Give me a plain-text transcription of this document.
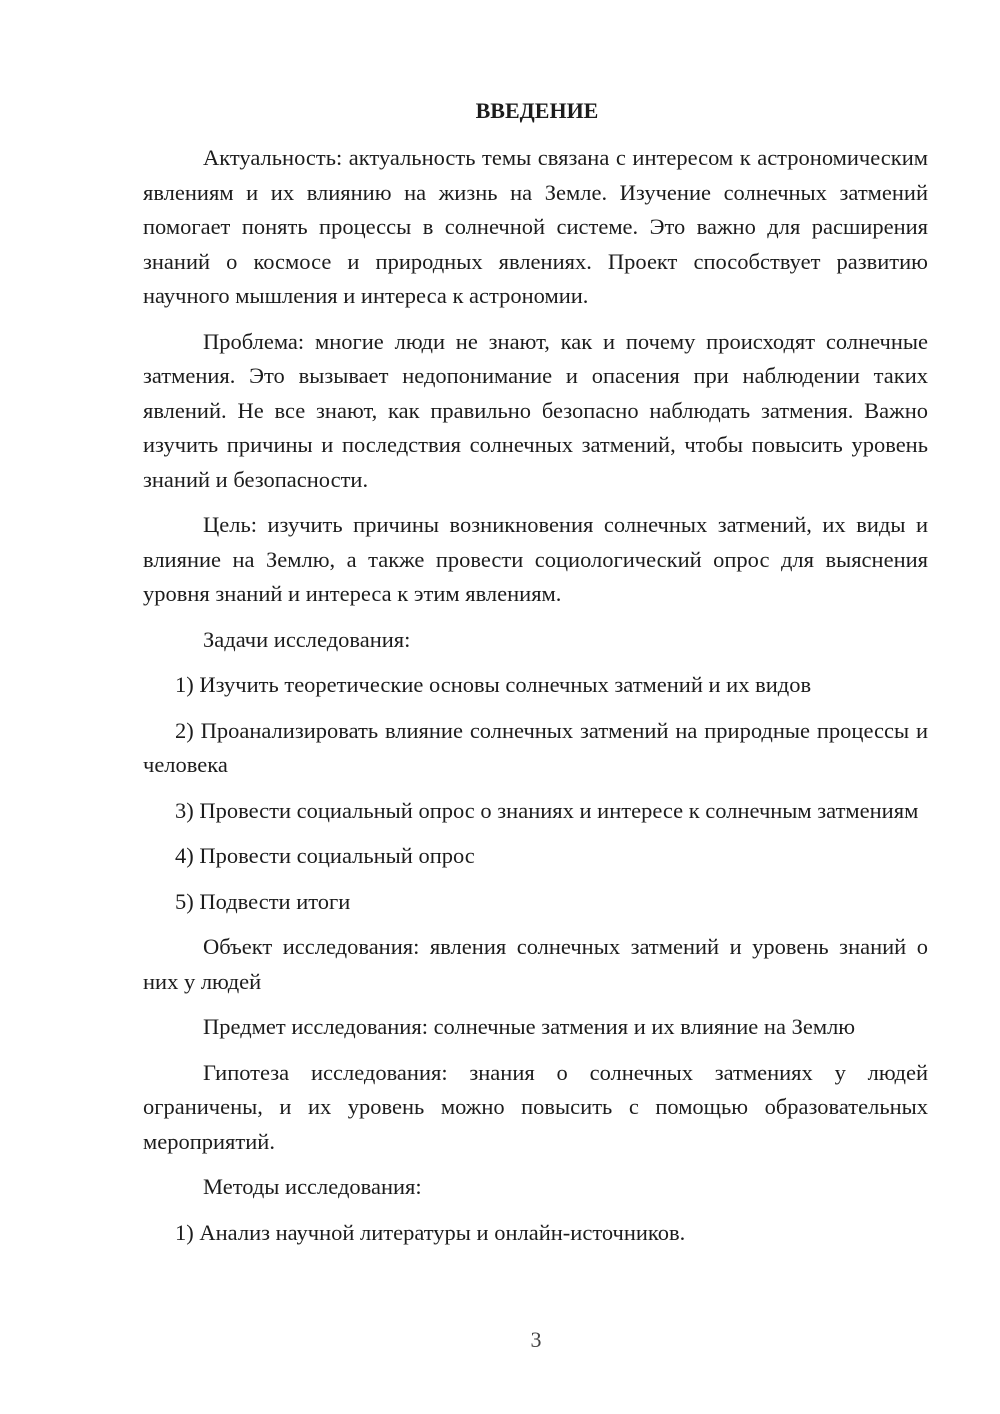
ВВЕДЕНИЕ

Актуальность: актуальность темы связана с интересом к астрономическим явлениям и их влиянию на жизнь на Земле. Изучение солнечных затмений помогает понять процессы в солнечной системе. Это важно для расширения знаний о космосе и природных явлениях. Проект способствует развитию научного мышления и интереса к астрономии.

Проблема: многие люди не знают, как и почему происходят солнечные затмения. Это вызывает недопонимание и опасения при наблюдении таких явлений. Не все знают, как правильно безопасно наблюдать затмения. Важно изучить причины и последствия солнечных затмений, чтобы повысить уровень знаний и безопасности.

Цель: изучить причины возникновения солнечных затмений, их виды и влияние на Землю, а также провести социологический опрос для выяснения уровня знаний и интереса к этим явлениям.

Задачи исследования:

1) Изучить теоретические основы солнечных затмений и их видов

2) Проанализировать влияние солнечных затмений на природные процессы и человека

3) Провести социальный опрос о знаниях и интересе к солнечным затмениям

4) Провести социальный опрос

5) Подвести итоги

Объект исследования: явления солнечных затмений и уровень знаний о них у людей

Предмет исследования: солнечные затмения и их влияние на Землю

Гипотеза исследования: знания о солнечных затмениях у людей ограничены, и их уровень можно повысить с помощью образовательных мероприятий.

Методы исследования:

1) Анализ научной литературы и онлайн-источников.

3
